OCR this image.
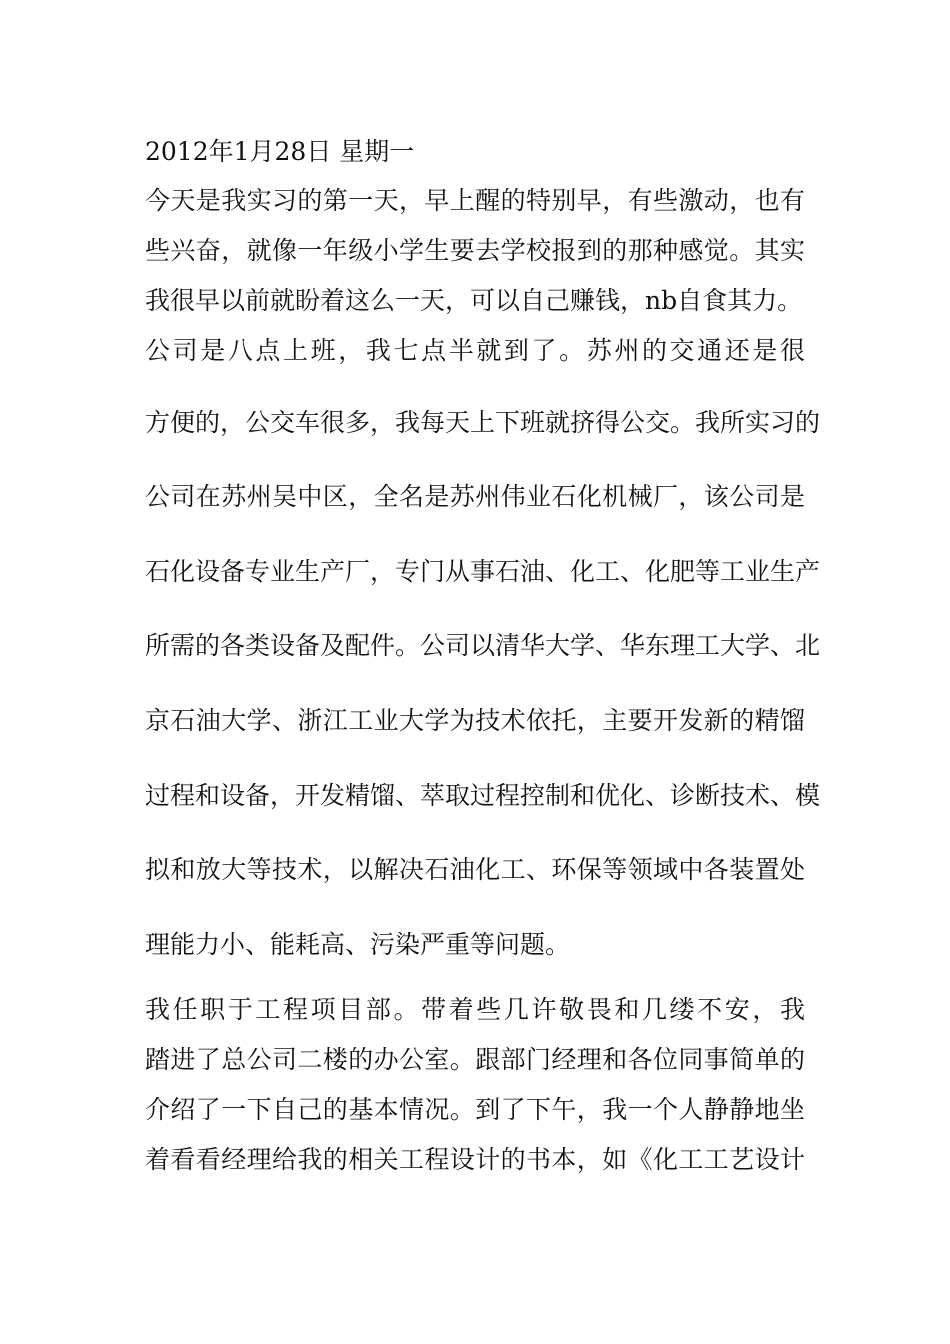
2012年1月28日 星期一

今天是我实习的第一天，早上醒的特别早，有些激动，也有

些兴奋，就像一年级小学生要去学校报到的那种感觉。其实

我很早以前就盼着这么一天，可以自己赚钱，nb自食其力。

公司是八点上班，我七点半就到了。苏州的交通还是很

方便的，公交车很多，我每天上下班就挤得公交。我所实习的

公司在苏州吴中区，全名是苏州伟业石化机械厂，该公司是

石化设备专业生产厂，专门从事石油、化工、化肥等工业生产

所需的各类设备及配件。公司以清华大学、华东理工大学、北

京石油大学、浙江工业大学为技术依托，主要开发新的精馏

过程和设备，开发精馏、萃取过程控制和优化、诊断技术、模

拟和放大等技术，以解决石油化工、环保等领域中各装置处

理能力小、能耗高、污染严重等问题。

我任职于工程项目部。带着些几许敬畏和几缕不安，我

踏进了总公司二楼的办公室。跟部门经理和各位同事简单的

介绍了一下自己的基本情况。到了下午，我一个人静静地坐

着看看经理给我的相关工程设计的书本，如《化工工艺设计
